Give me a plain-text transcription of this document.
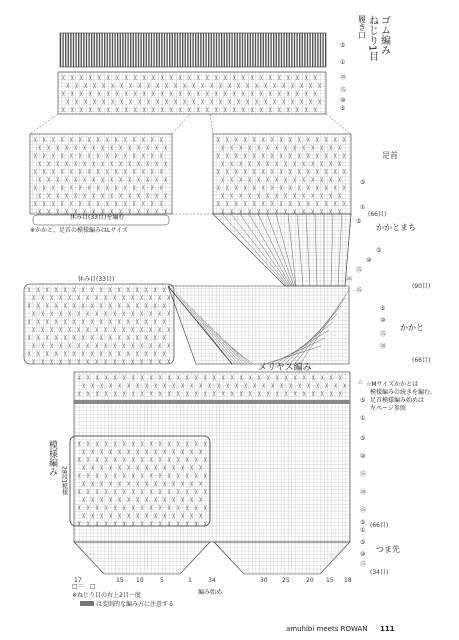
╳ ╳ ╳ ╳ ╳ ╳ ╳ ╳ ╳ ╳ ╳ ╳ ╳ ╳ ╳ ╳ ╳ ╳ ╳ ╳ ╳ ╳ ╳ ╳ ╳ ╳ ╳ ╳ ╳
╳ ╳ ╳ ╳ ╳ ╳ ╳ ╳ ╳ ╳ ╳ ╳ ╳ ╳ ╳ ╳ ╳ ╳ ╳ ╳ ╳ ╳ ╳ ╳ ╳ ╳ ╳ ╳ ╳
╳ ╳ ╳ ╳ ╳ ╳ ╳ ╳ ╳ ╳ ╳ ╳ ╳ ╳ ╳ ╳ ╳ ╳ ╳ ╳ ╳ ╳ ╳ ╳ ╳ ╳ ╳ ╳ ╳
╳ ╳ ╳ ╳ ╳ ╳ ╳ ╳ ╳ ╳ ╳ ╳ ╳ ╳ ╳ ╳ ╳ ╳ ╳ ╳ ╳ ╳ ╳ ╳ ╳ ╳ ╳ ╳ ╳
╳ ╳ ╳ ╳ ╳ ╳ ╳ ╳ ╳ ╳ ╳ ╳ ╳ ╳ ╳ ╳ ╳ ╳ ╳ ╳ ╳ ╳ ╳ ╳ ╳ ╳ ╳ ╳ ╳
╳ ╳ ╳ ╳ ╳ ╳ ╳ ╳ ╳ ╳ ╳ ╳ ╳ ╳ ╳
╳ ╳ ╳ ╳ ╳ ╳ ╳ ╳ ╳ ╳ ╳ ╳ ╳ ╳ ╳
╳ ╳ ╳ ╳ ╳ ╳ ╳ ╳ ╳ ╳ ╳ ╳ ╳ ╳ ╳
╳ ╳ ╳ ╳ ╳ ╳ ╳ ╳ ╳ ╳ ╳ ╳ ╳ ╳ ╳
╳ ╳ ╳ ╳ ╳ ╳ ╳ ╳ ╳ ╳ ╳ ╳ ╳ ╳ ╳
╳ ╳ ╳ ╳ ╳ ╳ ╳ ╳ ╳ ╳ ╳ ╳ ╳ ╳ ╳
╳ ╳ ╳ ╳ ╳ ╳ ╳ ╳ ╳ ╳ ╳ ╳ ╳ ╳ ╳
╳ ╳ ╳ ╳ ╳ ╳ ╳ ╳ ╳ ╳ ╳ ╳ ╳ ╳ ╳
╳ ╳ ╳ ╳ ╳ ╳ ╳ ╳ ╳ ╳ ╳ ╳ ╳ ╳ ╳
╳ ╳ ╳ ╳ ╳ ╳ ╳ ╳ ╳ ╳ ╳ ╳ ╳ ╳ ╳
╳ ╳ ╳ ╳ ╳ ╳ ╳ ╳ ╳ ╳ ╳ ╳ ╳ ╳ ╳
╳ ╳ ╳ ╳ ╳ ╳ ╳ ╳ ╳ ╳ ╳ ╳ ╳ ╳
╳ ╳ ╳ ╳ ╳ ╳ ╳ ╳ ╳ ╳ ╳ ╳ ╳ ╳ ╳
╳ ╳ ╳ ╳ ╳ ╳ ╳ ╳ ╳ ╳ ╳ ╳ ╳ ╳
╳ ╳ ╳ ╳ ╳ ╳ ╳ ╳ ╳ ╳ ╳ ╳ ╳ ╳ ╳
╳ ╳ ╳ ╳ ╳ ╳ ╳ ╳ ╳ ╳ ╳ ╳ ╳ ╳
╳ ╳ ╳ ╳ ╳ ╳ ╳ ╳ ╳ ╳ ╳ ╳ ╳ ╳ ╳
╳ ╳ ╳ ╳ ╳ ╳ ╳ ╳ ╳ ╳ ╳ ╳ ╳ ╳
╳ ╳ ╳ ╳ ╳ ╳ ╳ ╳ ╳ ╳ ╳ ╳ ╳ ╳ ╳
╳ ╳ ╳ ╳ ╳ ╳ ╳ ╳ ╳ ╳ ╳ ╳ ╳ ╳
╳ ╳ ╳ ╳ ╳ ╳ ╳ ╳ ╳ ╳ ╳ ╳ ╳ ╳ ╳ ╳
╳ ╳ ╳ ╳ ╳ ╳ ╳ ╳ ╳ ╳ ╳ ╳ ╳ ╳ ╳ ╳
╳ ╳ ╳ ╳ ╳ ╳ ╳ ╳ ╳ ╳ ╳ ╳ ╳ ╳ ╳ ╳
╳ ╳ ╳ ╳ ╳ ╳ ╳ ╳ ╳ ╳ ╳ ╳ ╳ ╳ ╳ ╳
╳ ╳ ╳ ╳ ╳ ╳ ╳ ╳ ╳ ╳ ╳ ╳ ╳ ╳ ╳ ╳
╳ ╳ ╳ ╳ ╳ ╳ ╳ ╳ ╳ ╳ ╳ ╳ ╳ ╳ ╳ ╳
╳ ╳ ╳ ╳ ╳ ╳ ╳ ╳ ╳ ╳ ╳ ╳ ╳ ╳ ╳ ╳
╳ ╳ ╳ ╳ ╳ ╳ ╳ ╳ ╳ ╳ ╳ ╳ ╳ ╳ ╳ ╳
╳ ╳ ╳ ╳ ╳ ╳ ╳ ╳ ╳ ╳ ╳ ╳ ╳ ╳ ╳ ╳
╳ ╳ ╳ ╳ ╳ ╳ ╳ ╳ ╳ ╳ ╳ ╳ ╳ ╳ ╳ ╳
╳ ╳ ╳ ╳ ╳ ╳ ╳ ╳ ╳ ╳ ╳ ╳ ╳ ╳ ╳ ╳ ╳ ╳ ╳ ╳ ╳ ╳ ╳ ╳ ╳ ╳ ╳ ╳ ╳ ╳
╳ ╳ ╳ ╳ ╳ ╳ ╳ ╳ ╳ ╳ ╳ ╳ ╳ ╳ ╳ ╳ ╳ ╳ ╳ ╳ ╳ ╳ ╳ ╳ ╳ ╳ ╳ ╳ ╳ ╳
╳ ╳ ╳ ╳ ╳ ╳ ╳ ╳ ╳ ╳ ╳ ╳ ╳ ╳ ╳ ╳ ╳ ╳ ╳ ╳ ╳ ╳ ╳ ╳ ╳ ╳ ╳ ╳ ╳ ╳
╳ ╳ ╳ ╳ ╳ ╳ ╳ ╳ ╳ ╳ ╳ ╳ ╳ ╳ ╳
╳ ╳ ╳ ╳ ╳ ╳ ╳ ╳ ╳ ╳ ╳ ╳ ╳ ╳
╳ ╳ ╳ ╳ ╳ ╳ ╳ ╳ ╳ ╳ ╳ ╳ ╳ ╳ ╳
╳ ╳ ╳ ╳ ╳ ╳ ╳ ╳ ╳ ╳ ╳ ╳ ╳ ╳
╳ ╳ ╳ ╳ ╳ ╳ ╳ ╳ ╳ ╳ ╳ ╳ ╳ ╳ ╳
╳ ╳ ╳ ╳ ╳ ╳ ╳ ╳ ╳ ╳ ╳ ╳ ╳ ╳
╳ ╳ ╳ ╳ ╳ ╳ ╳ ╳ ╳ ╳ ╳ ╳ ╳ ╳ ╳
╳ ╳ ╳ ╳ ╳ ╳ ╳ ╳ ╳ ╳ ╳ ╳ ╳ ╳
╳ ╳ ╳ ╳ ╳ ╳ ╳ ╳ ╳ ╳ ╳ ╳ ╳ ╳ ╳
╳ ╳ ╳ ╳ ╳ ╳ ╳ ╳ ╳ ╳ ╳ ╳ ╳ ╳
╳ ╳ ╳ ╳ ╳ ╳ ╳ ╳ ╳ ╳ ╳ ╳ ╳ ╳ ╳
履き口 ねじり1目 ゴム編み
模様編み
28段1模様
足首
かかとまち
かかと
つま先
メリヤス編み
休み目(33目)を編む
休み目(33目)
※かかと、足首の模様編みはLサイズ
☆Mサイズかかとは
模様編みの続きを編む。
足首模様編み始めは
左ページ参照
⑤
①
⑳
⑮
⑩
⑤
⑤
①
⑤
(66目)
⑤
⑩
⑮
⑳
㉕
(90目)
⑤
⑩
⑮
⑳
(66目)
☆
⑤
①
⑤
⑩
⑮
⑳
㉕
⑤
①
(66目)
⑤
⑩
⑮
(34目)
17	15 10	5	1	34	30 25	20 15 18
編み始め
□＝ □
※ねじり目の右上2目一度
は変則的な編み方に注意する
amuhibi meets ROWAN 111
